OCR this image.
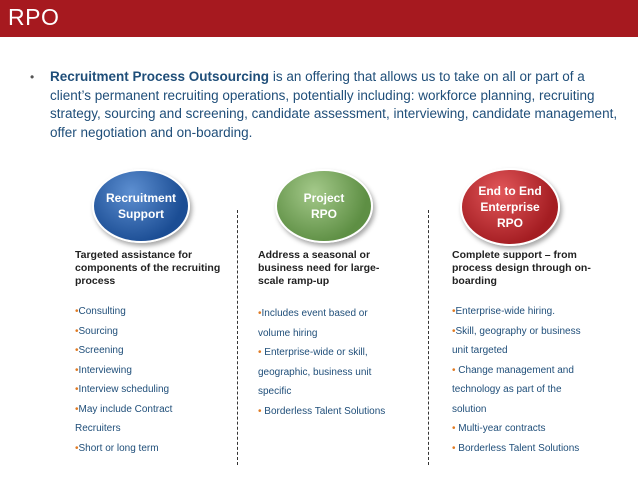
RPO
• Recruitment Process Outsourcing is an offering that allows us to take on all or part of a client’s permanent recruiting operations, potentially including: workforce planning, recruiting strategy, sourcing and screening, candidate assessment, interviewing, candidate management, offer negotiation and on-boarding.
Recruitment Support
Project RPO
End to End Enterprise RPO
Targeted assistance for components of the recruiting process
•Consulting
•Sourcing
•Screening
•Interviewing
•Interview scheduling
•May include Contract Recruiters
•Short or long term
Address a seasonal or business need for large-scale ramp-up
•Includes event based or volume hiring
• Enterprise-wide or skill, geographic, business unit specific
• Borderless Talent Solutions
Complete support – from process design through on-boarding
•Enterprise-wide hiring.
•Skill, geography or business unit targeted
• Change management and technology as part of the solution
• Multi-year contracts
• Borderless Talent Solutions
